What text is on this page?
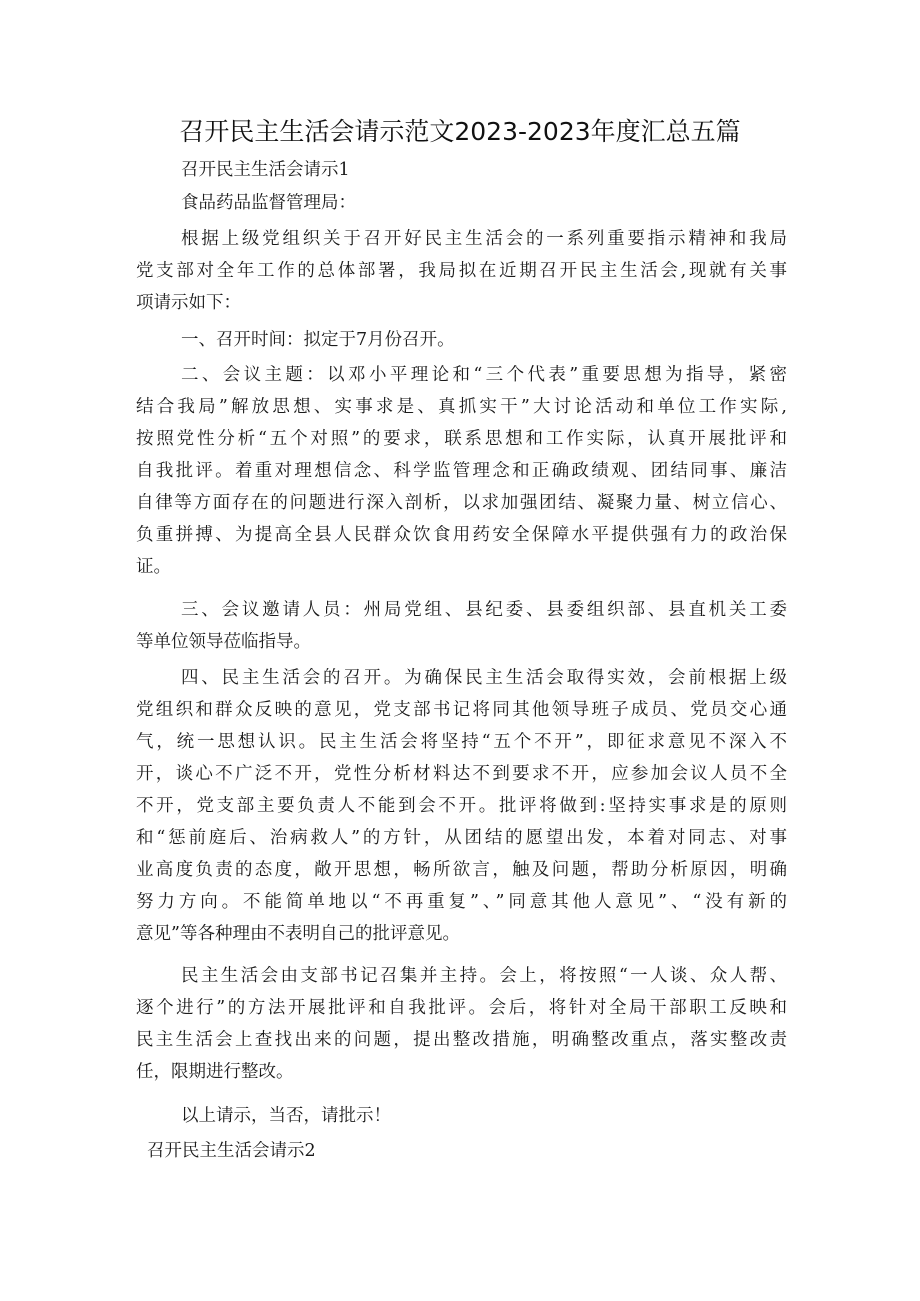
召开民主生活会请示范文2023-2023年度汇总五篇
召开民主生活会请示1
食品药品监督管理局：
根据上级党组织关于召开好民主生活会的一系列重要指示精神和我局
党支部对全年工作的总体部署，我局拟在近期召开民主生活会,现就有关事
项请示如下：
一、召开时间：拟定于7月份召开。
二、会议主题：以邓小平理论和“三个代表”重要思想为指导，紧密
结合我局”解放思想、实事求是、真抓实干”大讨论活动和单位工作实际,
按照党性分析“五个对照”的要求，联系思想和工作实际，认真开展批评和
自我批评。着重对理想信念、科学监管理念和正确政绩观、团结同事、廉洁
自律等方面存在的问题进行深入剖析，以求加强团结、凝聚力量、树立信心、
负重拼搏、为提高全县人民群众饮食用药安全保障水平提供强有力的政治保
证。
三、会议邀请人员：州局党组、县纪委、县委组织部、县直机关工委
等单位领导莅临指导。
四、民主生活会的召开。为确保民主生活会取得实效，会前根据上级
党组织和群众反映的意见，党支部书记将同其他领导班子成员、党员交心通
气，统一思想认识。民主生活会将坚持“五个不开”，即征求意见不深入不
开，谈心不广泛不开，党性分析材料达不到要求不开，应参加会议人员不全
不开，党支部主要负责人不能到会不开。批评将做到:坚持实事求是的原则
和“惩前庭后、治病救人”的方针，从团结的愿望出发，本着对同志、对事
业高度负责的态度，敞开思想，畅所欲言，触及问题，帮助分析原因，明确
努力方向。不能简单地以“不再重复”、”同意其他人意见”、“没有新的
意见”等各种理由不表明自己的批评意见。
民主生活会由支部书记召集并主持。会上，将按照“一人谈、众人帮、
逐个进行”的方法开展批评和自我批评。会后，将针对全局干部职工反映和
民主生活会上查找出来的问题，提出整改措施，明确整改重点，落实整改责
任，限期进行整改。
以上请示，当否，请批示！
召开民主生活会请示2
